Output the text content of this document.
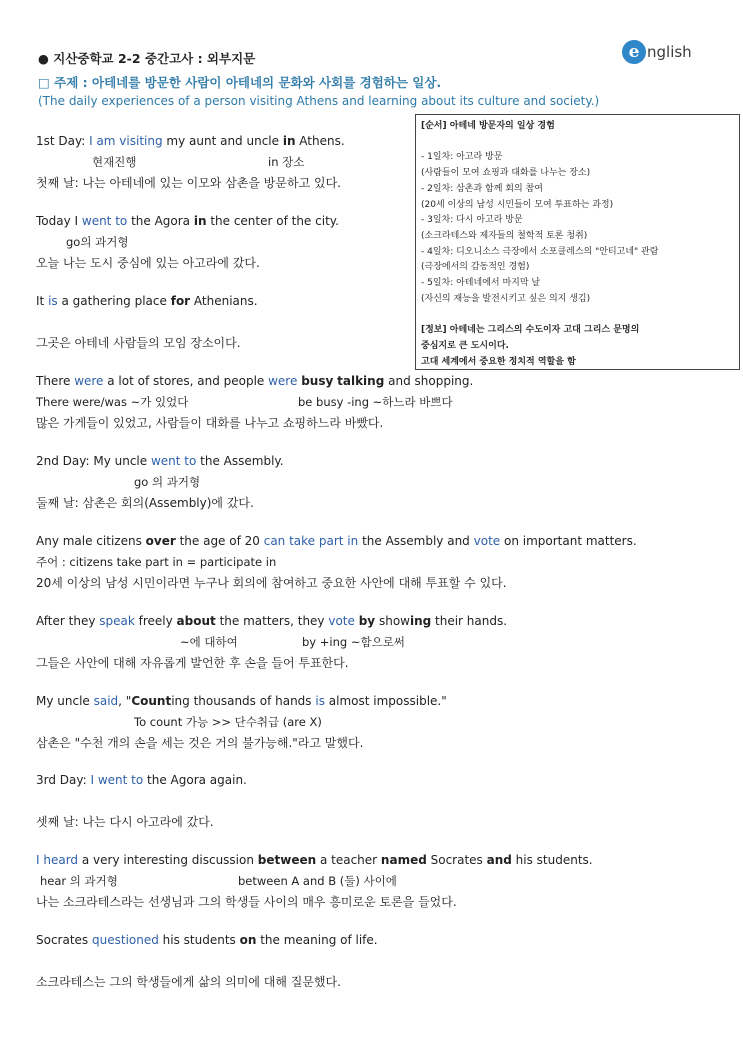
e nglish
● 지산중학교 2-2 중간고사 : 외부지문
□ 주제 : 아테네를 방문한 사람이 아테네의 문화와 사회를 경험하는 일상.
(The daily experiences of a person visiting Athens and learning about its culture and society.)
[순서] 아테네 방문자의 일상 경험
- 1일차: 아고라 방문
(사람들이 모여 쇼핑과 대화를 나누는 장소)
- 2일차: 삼촌과 함께 회의 참여
(20세 이상의 남성 시민들이 모여 투표하는 과정)
- 3일차: 다시 아고라 방문
(소크라테스와 제자들의 철학적 토론 청취)
- 4일차: 디오니소스 극장에서 소포클레스의 "안티고네" 관람
(극장에서의 감동적인 경험)
- 5일차: 아테네에서 마지막 날
(자신의 재능을 발전시키고 싶은 의지 생김)
[정보] 아테네는 그리스의 수도이자 고대 그리스 문명의
중심지로 큰 도시이다.
고대 세계에서 중요한 정치적 역할을 함
1st Day: I am visiting my aunt and uncle in Athens.
현재진행	in 장소
첫째 날: 나는 아테네에 있는 이모와 삼촌을 방문하고 있다.
Today I went to the Agora in the center of the city.
go의 과거형
오늘 나는 도시 중심에 있는 아고라에 갔다.
It is a gathering place for Athenians.
그곳은 아테네 사람들의 모임 장소이다.
There were a lot of stores, and people were busy talking and shopping.
There were/was ~가 있었다	be busy -ing ~하느라 바쁘다
많은 가게들이 있었고, 사람들이 대화를 나누고 쇼핑하느라 바빴다.
2nd Day: My uncle went to the Assembly.
go 의 과거형
둘째 날: 삼촌은 회의(Assembly)에 갔다.
Any male citizens over the age of 20 can take part in the Assembly and vote on important matters.
주어 : citizens take part in = participate in
20세 이상의 남성 시민이라면 누구나 회의에 참여하고 중요한 사안에 대해 투표할 수 있다.
After they speak freely about the matters, they vote by showing their hands.
~에 대하여	by +ing ~함으로써
그들은 사안에 대해 자유롭게 발언한 후 손을 들어 투표한다.
My uncle said, "Counting thousands of hands is almost impossible."
To count 가능 >> 단수취급 (are X)
삼촌은 "수천 개의 손을 세는 것은 거의 불가능해."라고 말했다.
3rd Day: I went to the Agora again.
셋째 날: 나는 다시 아고라에 갔다.
I heard a very interesting discussion between a teacher named Socrates and his students.
hear 의 과거형	between A and B (둘) 사이에
나는 소크라테스라는 선생님과 그의 학생들 사이의 매우 흥미로운 토론을 들었다.
Socrates questioned his students on the meaning of life.
소크라테스는 그의 학생들에게 삶의 의미에 대해 질문했다.
